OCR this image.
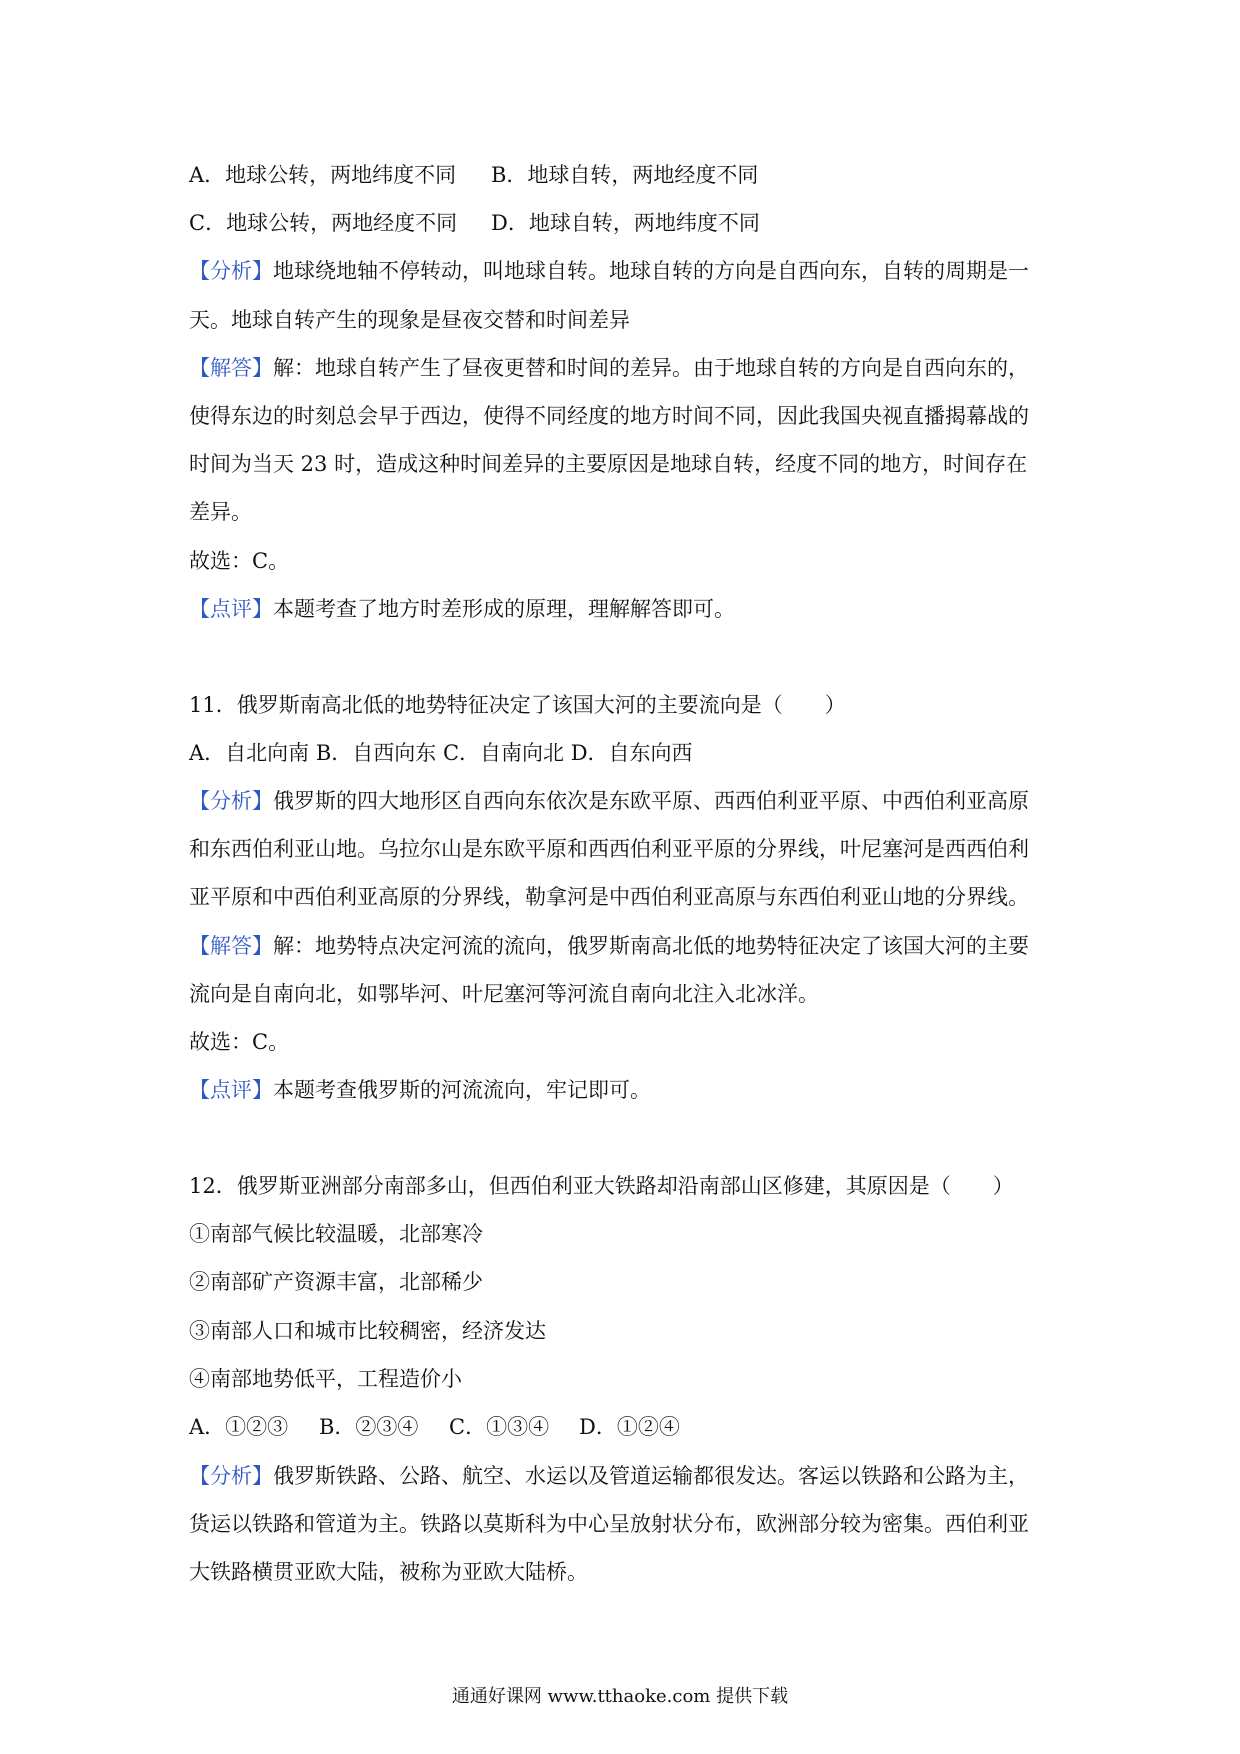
A．地球公转，两地纬度不同 B．地球自转，两地经度不同
C．地球公转，两地经度不同 D．地球自转，两地纬度不同
【分析】地球绕地轴不停转动，叫地球自转。地球自转的方向是自西向东，自转的周期是一
天。地球自转产生的现象是昼夜交替和时间差异
【解答】解：地球自转产生了昼夜更替和时间的差异。由于地球自转的方向是自西向东的，
使得东边的时刻总会早于西边，使得不同经度的地方时间不同，因此我国央视直播揭幕战的
时间为当天 23 时，造成这种时间差异的主要原因是地球自转，经度不同的地方，时间存在
差异。
故选：C。
【点评】本题考查了地方时差形成的原理，理解解答即可。
11．俄罗斯南高北低的地势特征决定了该国大河的主要流向是（　　）
A．自北向南 B．自西向东 C．自南向北 D．自东向西
【分析】俄罗斯的四大地形区自西向东依次是东欧平原、西西伯利亚平原、中西伯利亚高原
和东西伯利亚山地。乌拉尔山是东欧平原和西西伯利亚平原的分界线，叶尼塞河是西西伯利
亚平原和中西伯利亚高原的分界线，勒拿河是中西伯利亚高原与东西伯利亚山地的分界线。
【解答】解：地势特点决定河流的流向，俄罗斯南高北低的地势特征决定了该国大河的主要
流向是自南向北，如鄂毕河、叶尼塞河等河流自南向北注入北冰洋。
故选：C。
【点评】本题考查俄罗斯的河流流向，牢记即可。
12．俄罗斯亚洲部分南部多山，但西伯利亚大铁路却沿南部山区修建，其原因是（　　）
①南部气候比较温暖，北部寒冷
②南部矿产资源丰富，北部稀少
③南部人口和城市比较稠密，经济发达
④南部地势低平，工程造价小
A．①②③ B．②③④ C．①③④ D．①②④
【分析】俄罗斯铁路、公路、航空、水运以及管道运输都很发达。客运以铁路和公路为主，
货运以铁路和管道为主。铁路以莫斯科为中心呈放射状分布，欧洲部分较为密集。西伯利亚
大铁路横贯亚欧大陆，被称为亚欧大陆桥。
通通好课网 www.tthaoke.com 提供下载
